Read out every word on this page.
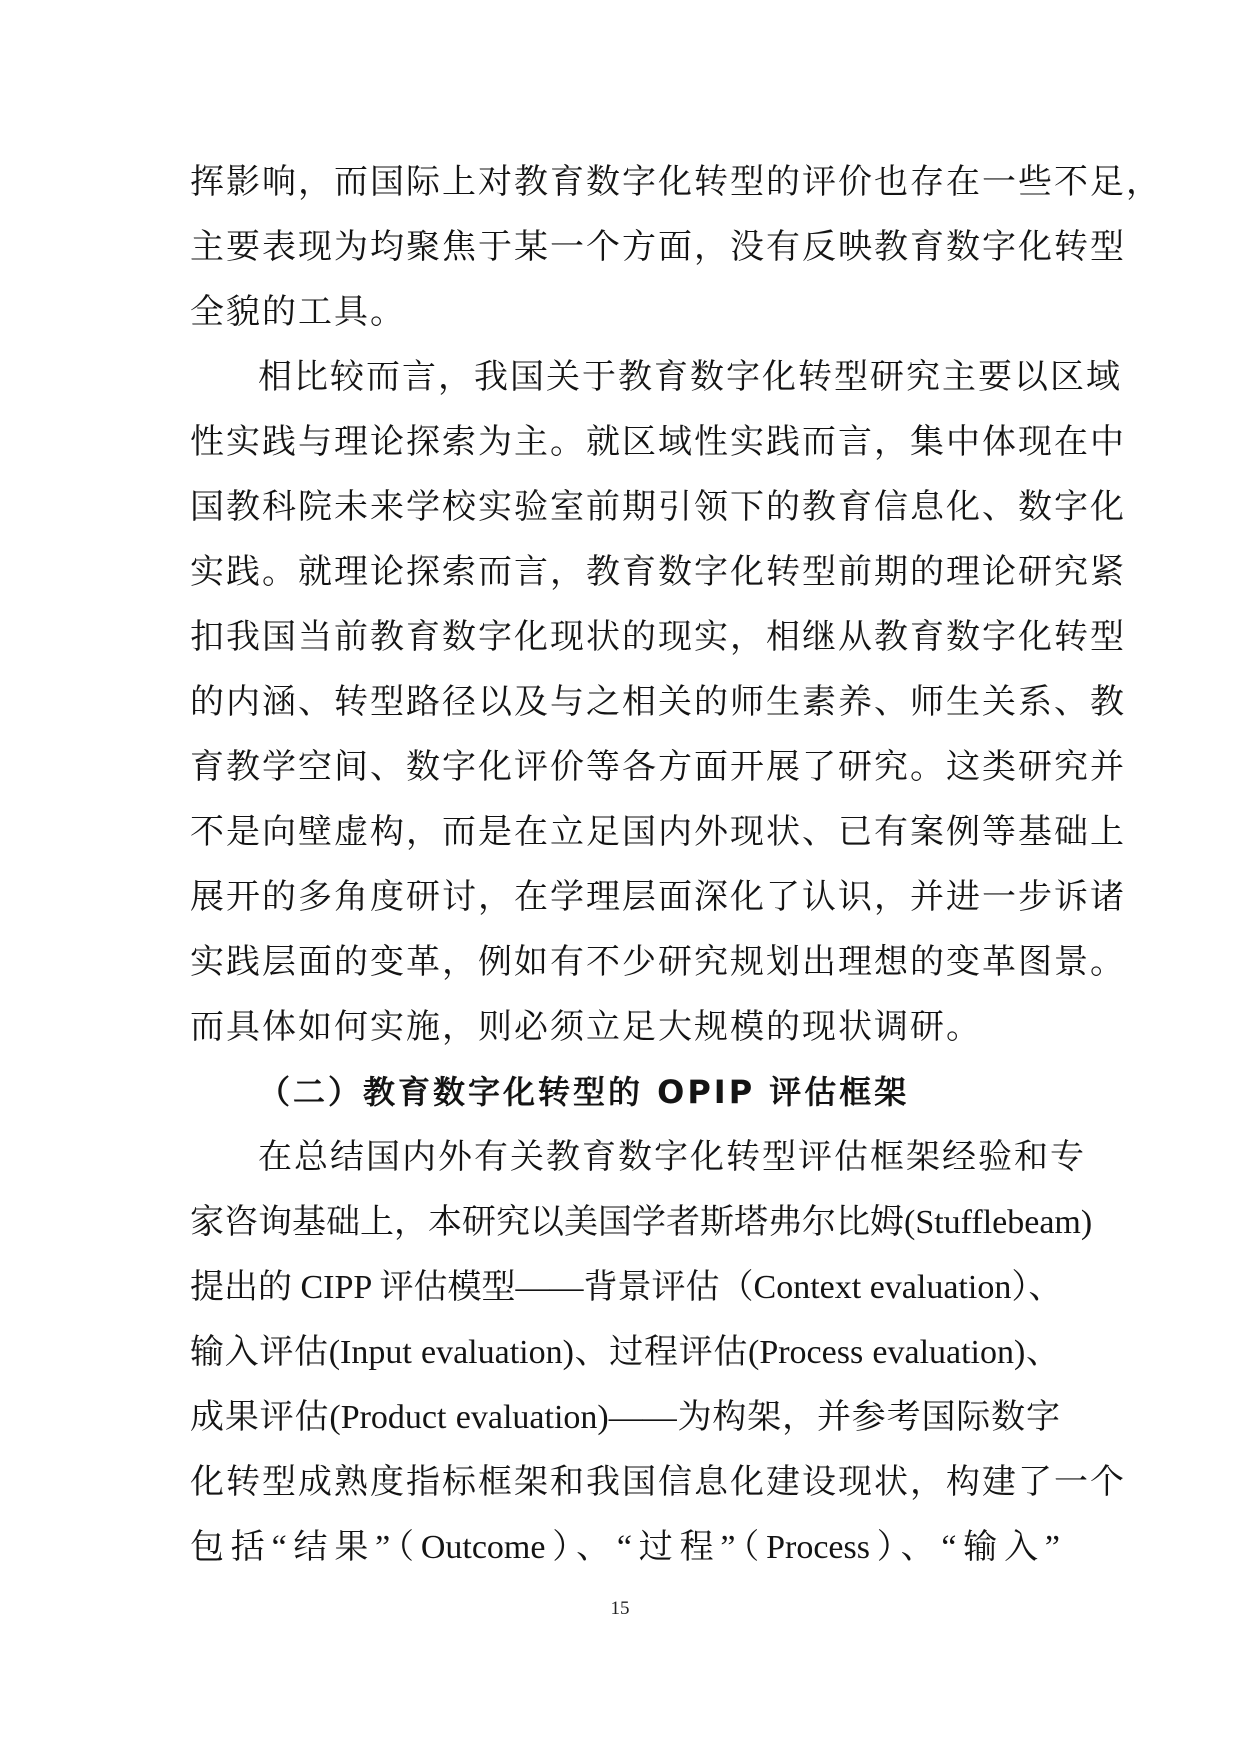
挥影响，而国际上对教育数字化转型的评价也存在一些不足，
主要表现为均聚焦于某一个方面，没有反映教育数字化转型
全貌的工具。
相比较而言，我国关于教育数字化转型研究主要以区域
性实践与理论探索为主。就区域性实践而言，集中体现在中
国教科院未来学校实验室前期引领下的教育信息化、数字化
实践。就理论探索而言，教育数字化转型前期的理论研究紧
扣我国当前教育数字化现状的现实，相继从教育数字化转型
的内涵、转型路径以及与之相关的师生素养、师生关系、教
育教学空间、数字化评价等各方面开展了研究。这类研究并
不是向壁虚构，而是在立足国内外现状、已有案例等基础上
展开的多角度研讨，在学理层面深化了认识，并进一步诉诸
实践层面的变革，例如有不少研究规划出理想的变革图景。
而具体如何实施，则必须立足大规模的现状调研。
（二）教育数字化转型的 OPIP 评估框架
在总结国内外有关教育数字化转型评估框架经验和专
家咨询基础上，本研究以美国学者斯塔弗尔比姆(Stufflebeam)
提出的 CIPP 评估模型——背景评估（Context evaluation）、
输入评估(Input evaluation)、过程评估(Process evaluation)、
成果评估(Product evaluation)——为构架，并参考国际数字
化转型成熟度指标框架和我国信息化建设现状，构建了一个
包括“结果”（Outcome）、“过程”（Process）、“输入”
15
